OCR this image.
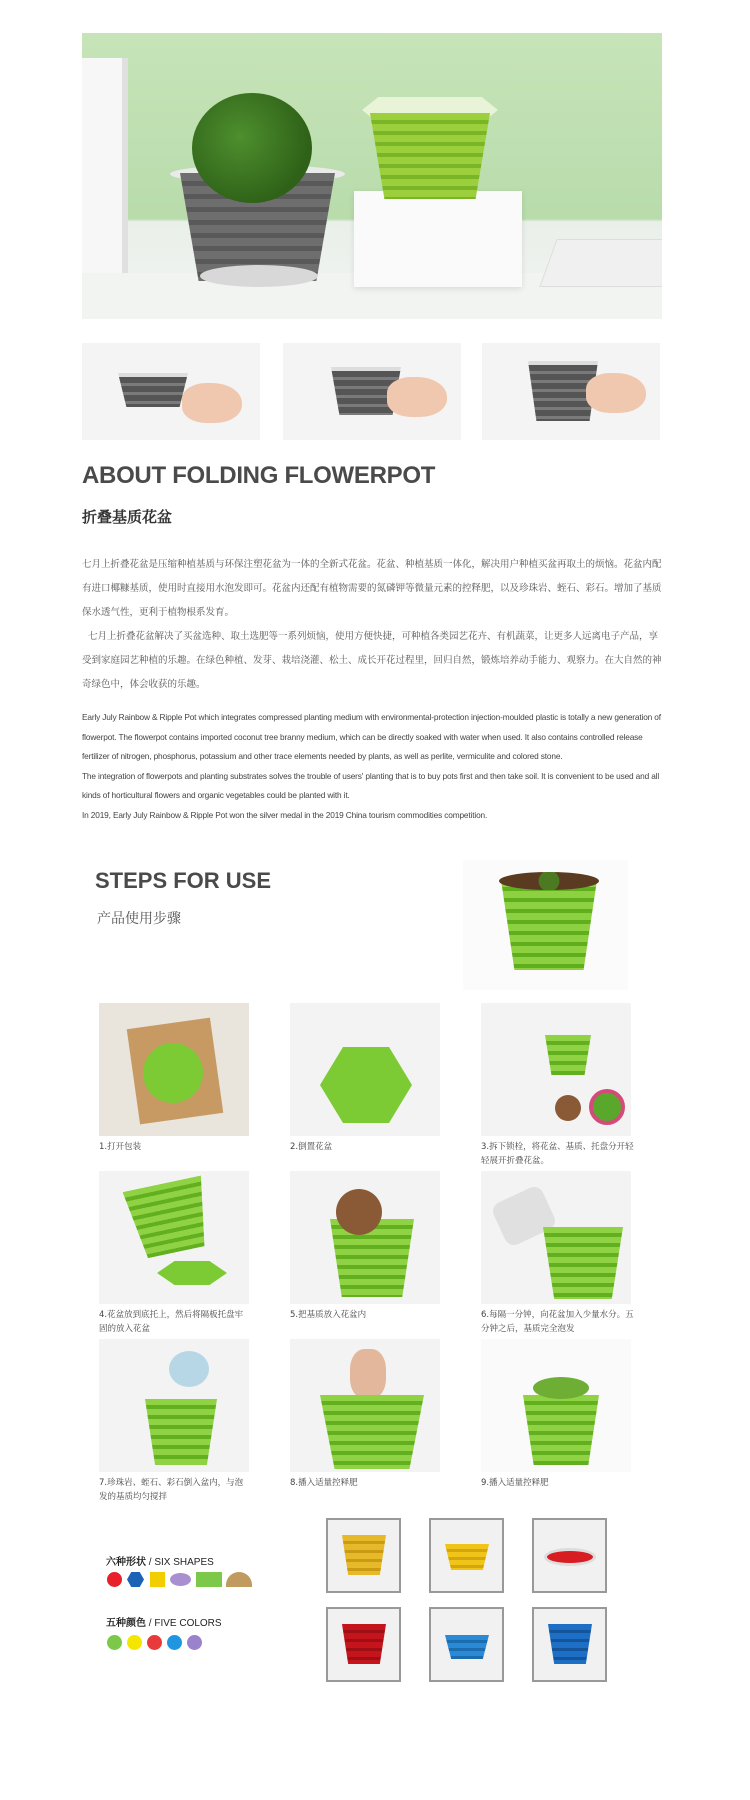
ABOUT FOLDING FLOWERPOT
折叠基质花盆

七月上折叠花盆是压缩种植基质与环保注塑花盆为一体的全新式花盆。花盆、种植基质一体化，解决用户种植买盆再取土的烦恼。花盆内配有进口椰糠基质，使用时直接用水泡发即可。花盆内还配有植物需要的氮磷钾等微量元素的控释肥，以及珍珠岩、蛭石、彩石。增加了基质保水透气性，更利于植物根系发育。

七月上折叠花盆解决了买盆选种、取土选肥等一系列烦恼，使用方便快捷，可种植各类园艺花卉、有机蔬菜，让更多人远离电子产品，享受到家庭园艺种植的乐趣。在绿色种植、发芽、栽培浇灌、松土、成长开花过程里，回归自然，锻炼培养动手能力、观察力。在大自然的神奇绿色中，体会收获的乐趣。

Early July Rainbow & Ripple Pot which integrates compressed planting medium with environmental-protection injection-moulded plastic is totally a new generation of flowerpot. The flowerpot contains imported coconut tree branny medium, which can be directly soaked with water when used. It also contains controlled release fertilizer of nitrogen, phosphorus, potassium and other trace elements needed by plants, as well as perlite, vermiculite and colored stone.

The integration of flowerpots and planting substrates solves the trouble of users' planting that is to buy pots first and then take soil. It is convenient to be used and all kinds of horticultural flowers and organic vegetables could be planted with it.

In 2019, Early July Rainbow & Ripple Pot won the silver medal in the 2019 China tourism commodities competition.

STEPS FOR USE
产品使用步骤
1.打开包装	2.倒置花盆	3.拆下锁栓，将花盆、基质、托盘分开轻轻展开折叠花盆。
4.花盆放到底托上，然后将隔板托盘牢固的放入花盆
5.把基质放入花盆内	6.每隔一分钟，向花盆加入少量水分。五分钟之后，基质完全泡发
7.珍珠岩、蛭石、彩石倒入盆内，与泡发的基质均匀搅拌
8.播入适量控释肥	9.播入适量控释肥
六种形状 / SIX SHAPES
五种颜色 / FIVE COLORS
